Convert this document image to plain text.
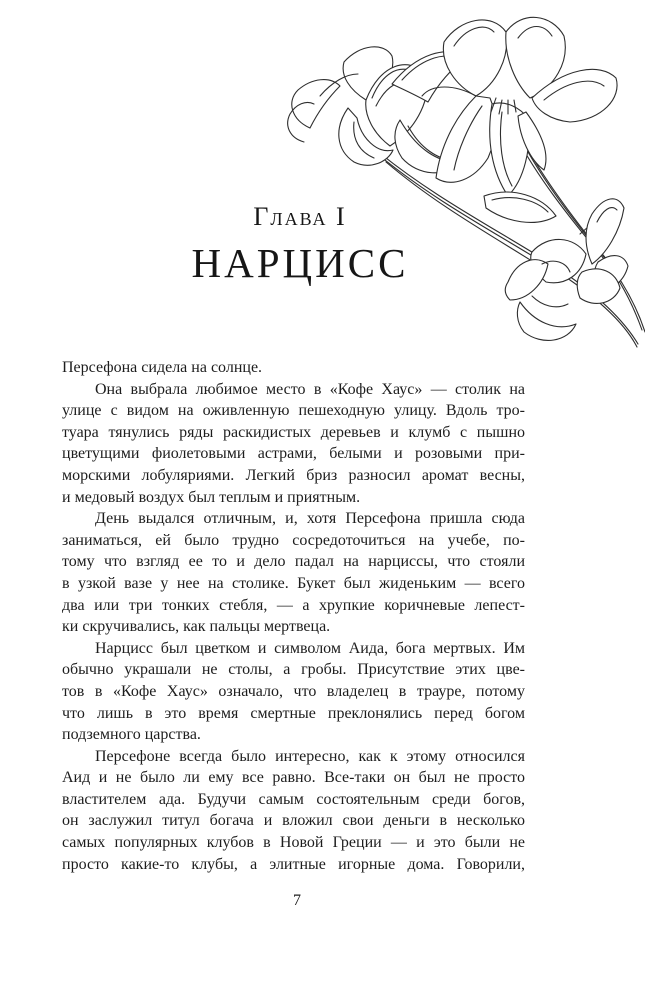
Глава I
НАРЦИСС
Персефона сидела на солнце.
Она выбрала любимое место в «Кофе Хаус» — столик на
улице с видом на оживленную пешеходную улицу. Вдоль тро-
туара тянулись ряды раскидистых деревьев и клумб с пышно
цветущими фиолетовыми астрами, белыми и розовыми при-
морскими лобуляриями. Легкий бриз разносил аромат весны,
и медовый воздух был теплым и приятным.
День выдался отличным, и, хотя Персефона пришла сюда
заниматься, ей было трудно сосредоточиться на учебе, по-
тому что взгляд ее то и дело падал на нарциссы, что стояли
в узкой вазе у нее на столике. Букет был жиденьким — всего
два или три тонких стебля, — а хрупкие коричневые лепест-
ки скручивались, как пальцы мертвеца.
Нарцисс был цветком и символом Аида, бога мертвых. Им
обычно украшали не столы, а гробы. Присутствие этих цве-
тов в «Кофе Хаус» означало, что владелец в трауре, потому
что лишь в это время смертные преклонялись перед богом
подземного царства.
Персефоне всегда было интересно, как к этому относился
Аид и не было ли ему все равно. Все-таки он был не просто
властителем ада. Будучи самым состоятельным среди богов,
он заслужил титул богача и вложил свои деньги в несколько
самых популярных клубов в Новой Греции — и это были не
просто какие-то клубы, а элитные игорные дома. Говорили,
7
